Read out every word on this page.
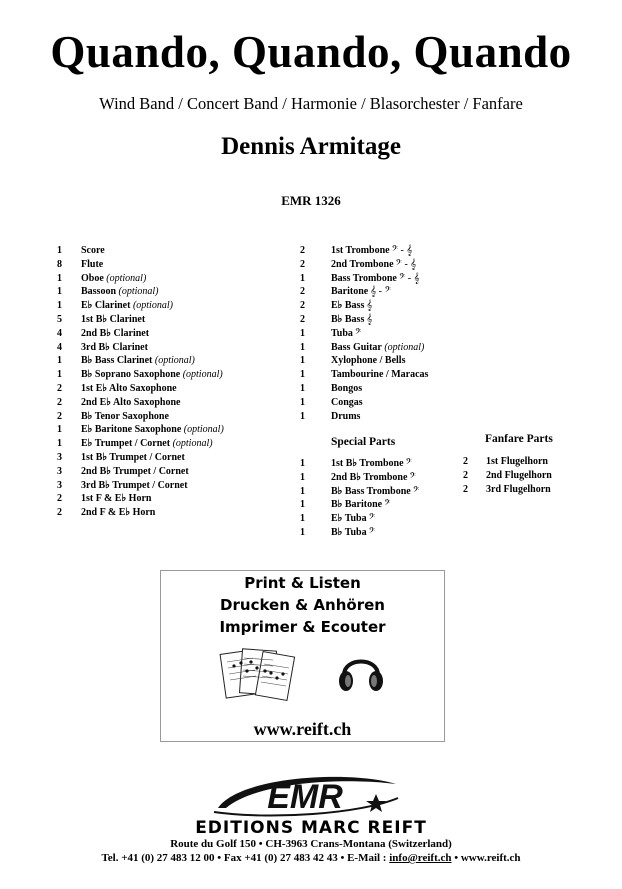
Quando, Quando, Quando
Wind Band / Concert Band / Harmonie / Blasorchester / Fanfare
Dennis Armitage
EMR 1326
1 Score
8 Flute
1 Oboe (optional)
1 Bassoon (optional)
1 E♭ Clarinet (optional)
5 1st B♭ Clarinet
4 2nd B♭ Clarinet
4 3rd B♭ Clarinet
1 B♭ Bass Clarinet (optional)
1 B♭ Soprano Saxophone (optional)
2 1st E♭ Alto Saxophone
2 2nd E♭ Alto Saxophone
2 B♭ Tenor Saxophone
1 E♭ Baritone Saxophone (optional)
1 E♭ Trumpet / Cornet (optional)
3 1st B♭ Trumpet / Cornet
3 2nd B♭ Trumpet / Cornet
3 3rd B♭ Trumpet / Cornet
2 1st F & E♭ Horn
2 2nd F & E♭ Horn
2	1st Trombone 𝄢 - 𝄞
2	2nd Trombone 𝄢 - 𝄞
1	Bass Trombone 𝄢 - 𝄞
2	Baritone 𝄞 - 𝄢
2	E♭ Bass 𝄞
2	B♭ Bass 𝄞
1	Tuba 𝄢
1	Bass Guitar (optional)
1	Xylophone / Bells
1	Tambourine / Maracas
1	Bongos
1	Congas
1	Drums
Special Parts
1	1st B♭ Trombone 𝄢
1	2nd B♭ Trombone 𝄢
1	B♭ Bass Trombone 𝄢
1	B♭ Baritone 𝄢
1	E♭ Tuba 𝄢
1	B♭ Tuba 𝄢
Fanfare Parts
2 1st Flugelhorn
2 2nd Flugelhorn
2 3rd Flugelhorn
Print & Listen
Drucken & Anhören
Imprimer & Ecouter
www.reift.ch
EMR
EDITIONS MARC REIFT
Route du Golf 150 • CH-3963 Crans-Montana (Switzerland)
Tel. +41 (0) 27 483 12 00 • Fax +41 (0) 27 483 42 43 • E-Mail : info@reift.ch • www.reift.ch
